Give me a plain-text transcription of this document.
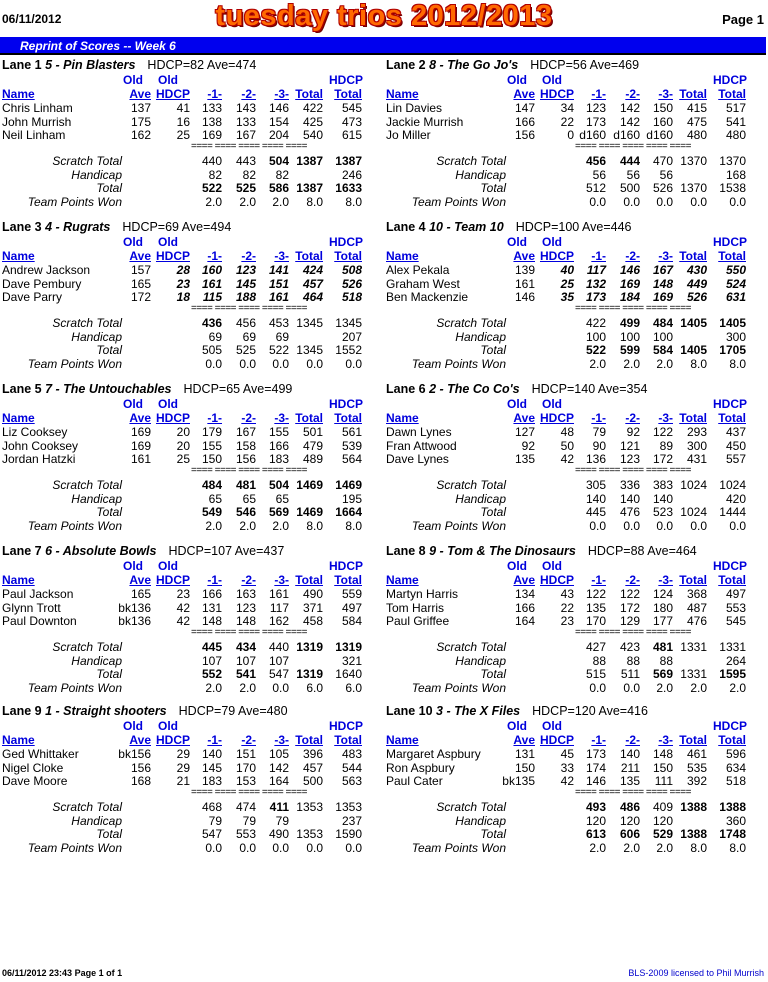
06/11/2012	tuesday trios 2012/2013	Page 1
Reprint of Scores -- Week 6
Lane 1 5 - Pin Blasters HDCP=82 Ave=474
Old Old	HDCP
Name	Ave HDCP	-1-	-2-	-3- Total Total
Chris Linham	137	41 133	143	146	422	545
John Murrish	175	16 138	133	154	425	473
Neil Linham	162	25 169	167	204	540	615
==== ==== ==== ==== ====
Scratch Total	440	443	504 1387	1387
Handicap	82	82	82	246
Total	522	525	586 1387	1633
Team Points Won	2.0	2.0	2.0	8.0	8.0
Lane 2 8 - The Go Jo's HDCP=56 Ave=469
Old Old	HDCP
Name	Ave HDCP	-1-	-2-	-3- Total Total
Lin Davies	147	34 123	142	150	415	517
Jackie Murrish	166	22 173	142	160	475	541
Jo Miller	156	0 d160 d160 d160	480	480
==== ==== ==== ==== ====
Scratch Total	456	444	470 1370	1370
Handicap	56	56	56	168
Total	512	500	526 1370	1538
Team Points Won	0.0	0.0	0.0	0.0	0.0
Lane 3 4 - Rugrats HDCP=69 Ave=494
Old Old	HDCP
Name	Ave HDCP	-1-	-2-	-3- Total Total
Andrew Jackson	157	28 160	123	141	424	508
Dave Pembury	165	23 161	145	151	457	526
Dave Parry	172	18	115	188	161	464	518
==== ==== ==== ==== ====
Scratch Total	436	456	453 1345	1345
Handicap	69	69	69	207
Total	505	525	522 1345	1552
Team Points Won	0.0	0.0	0.0	0.0	0.0
Lane 4 10 - Team 10 HDCP=100 Ave=446
Old Old	HDCP
Name	Ave HDCP	-1-	-2-	-3- Total Total
Alex Pekala	139	40	117	146	167	430	550
Graham West	161	25 132	169	148	449	524
Ben Mackenzie	146	35 173	184	169	526	631
==== ==== ==== ==== ====
Scratch Total	422	499	484 1405	1405
Handicap	100	100	100	300
Total	522	599	584 1405	1705
Team Points Won	2.0	2.0	2.0	8.0	8.0
Lane 5 7 - The Untouchables HDCP=65 Ave=499
Old Old	HDCP
Name	Ave HDCP	-1-	-2-	-3- Total Total
Liz Cooksey	169	20 179	167	155	501	561
John Cooksey	169	20 155	158	166	479	539
Jordan Hatzki	161	25 150	156	183	489	564
==== ==== ==== ==== ====
Scratch Total	484	481	504 1469	1469
Handicap	65	65	65	195
Total	549	546	569 1469	1664
Team Points Won	2.0	2.0	2.0	8.0	8.0
Lane 6 2 - The Co Co's HDCP=140 Ave=354
Old Old	HDCP
Name	Ave HDCP	-1-	-2-	-3- Total Total
Dawn Lynes	127	48	79	92	122	293	437
Fran Attwood	92	50	90	121	89	300	450
Dave Lynes	135	42 136	123	172	431	557
==== ==== ==== ==== ====
Scratch Total	305	336	383 1024	1024
Handicap	140	140	140	420
Total	445	476	523 1024	1444
Team Points Won	0.0	0.0	0.0	0.0	0.0
Lane 7 6 - Absolute Bowls HDCP=107 Ave=437
Old Old	HDCP
Name	Ave HDCP	-1-	-2-	-3- Total Total
Paul Jackson	165	23 166	163	161	490	559
Glynn Trott	bk136	42 131	123	117	371	497
Paul Downton	bk136	42 148	148	162	458	584
==== ==== ==== ==== ====
Scratch Total	445	434	440 1319	1319
Handicap	107	107	107	321
Total	552	541	547 1319	1640
Team Points Won	2.0	2.0	0.0	6.0	6.0
Lane 8 9 - Tom & The Dinosaurs HDCP=88 Ave=464
Old Old	HDCP
Name	Ave HDCP	-1-	-2-	-3- Total Total
Martyn Harris	134	43 122	122	124	368	497
Tom Harris	166	22 135	172	180	487	553
Paul Griffee	164	23 170	129	177	476	545
==== ==== ==== ==== ====
Scratch Total	427	423	481 1331	1331
Handicap	88	88	88	264
Total	515	511	569 1331	1595
Team Points Won	0.0	0.0	2.0	2.0	2.0
Lane 9 1 - Straight shooters HDCP=79 Ave=480
Old Old	HDCP
Name	Ave HDCP	-1-	-2-	-3- Total Total
Ged Whittaker	bk156	29 140	151	105	396	483
Nigel Cloke	156	29 145	170	142	457	544
Dave Moore	168	21 183	153	164	500	563
==== ==== ==== ==== ====
Scratch Total	468	474	411 1353	1353
Handicap	79	79	79	237
Total	547	553	490 1353	1590
Team Points Won	0.0	0.0	0.0	0.0	0.0
Lane 10 3 - The X Files HDCP=120 Ave=416
Old Old	HDCP
Name	Ave HDCP	-1-	-2-	-3- Total Total
Margaret Aspbury	131	45 173	140	148	461	596
Ron Aspbury	150	33 174	211	150	535	634
Paul Cater	bk135	42 146	135	111	392	518
==== ==== ==== ==== ====
Scratch Total	493	486	409 1388	1388
Handicap	120	120	120	360
Total	613	606	529 1388	1748
Team Points Won	2.0	2.0	2.0	8.0	8.0
06/11/2012 23:43 Page 1 of 1	BLS-2009 licensed to Phil Murrish
